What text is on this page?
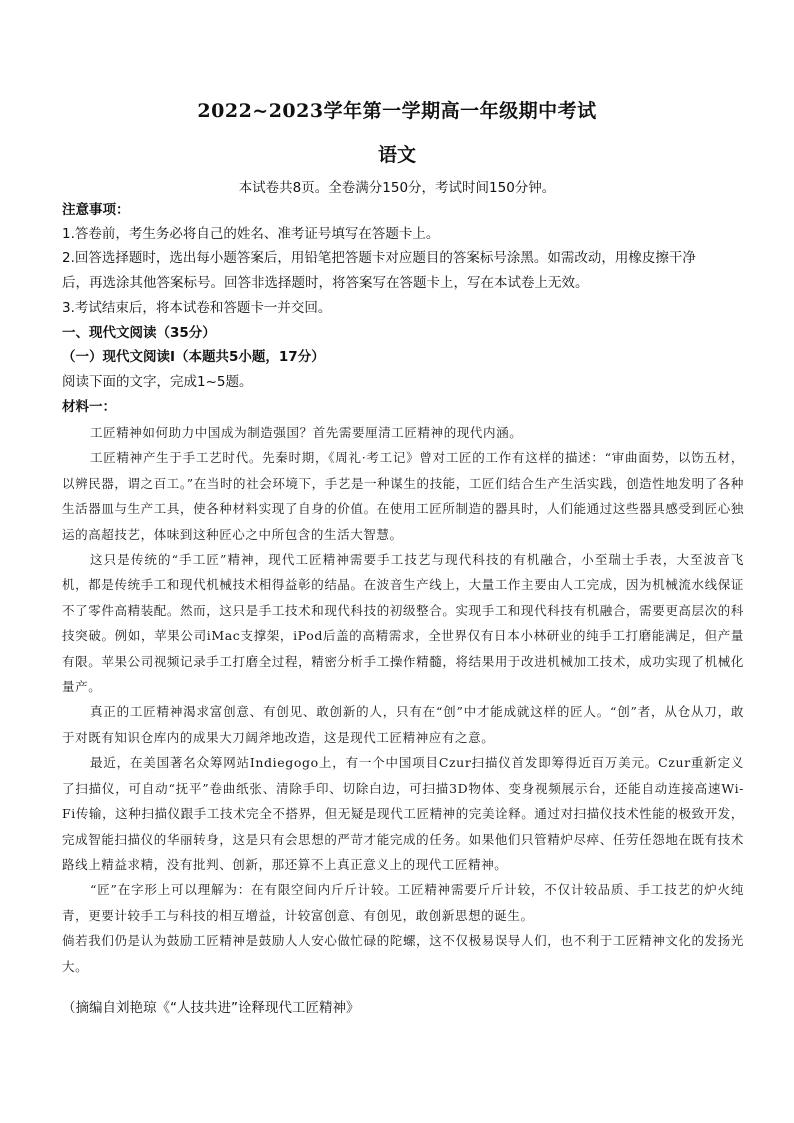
2022~2023学年第一学期高一年级期中考试
语文
本试卷共8页。全卷满分150分，考试时间150分钟。
注意事项：
1.答卷前，考生务必将自己的姓名、准考证号填写在答题卡上。
2.回答选择题时，选出每小题答案后，用铅笔把答题卡对应题目的答案标号涂黑。如需改动，用橡皮擦干净
后，再选涂其他答案标号。回答非选择题时，将答案写在答题卡上，写在本试卷上无效。
3.考试结束后，将本试卷和答题卡一并交回。
一、现代文阅读（35分）
（一）现代文阅读Ⅰ（本题共5小题，17分）
阅读下面的文字，完成1~5题。
材料一：

工匠精神如何助力中国成为制造强国？首先需要厘清工匠精神的现代内涵。

工匠精神产生于手工艺时代。先秦时期，《周礼·考工记》曾对工匠的工作有这样的描述：“审曲面势，以饬五材，以辨民器，谓之百工。”在当时的社会环境下，手艺是一种谋生的技能，工匠们结合生产生活实践，创造性地发明了各种生活器皿与生产工具，使各种材料实现了自身的价值。在使用工匠所制造的器具时，人们能通过这些器具感受到匠心独运的高超技艺，体味到这种匠心之中所包含的生活大智慧。

这只是传统的“手工匠”精神，现代工匠精神需要手工技艺与现代科技的有机融合，小至瑞士手表，大至波音飞机，都是传统手工和现代机械技术相得益彰的结晶。在波音生产线上，大量工作主要由人工完成，因为机械流水线保证不了零件高精装配。然而，这只是手工技术和现代科技的初级整合。实现手工和现代科技有机融合，需要更高层次的科技突破。例如，苹果公司iMac支撑架，iPod后盖的高精需求，全世界仅有日本小林研业的纯手工打磨能满足，但产量有限。苹果公司视频记录手工打磨全过程，精密分析手工操作精髓，将结果用于改进机械加工技术，成功实现了机械化量产。

真正的工匠精神渴求富创意、有创见、敢创新的人，只有在“创”中才能成就这样的匠人。“创”者，从仓从刀，敢于对既有知识仓库内的成果大刀阔斧地改造，这是现代工匠精神应有之意。

最近，在美国著名众筹网站Indiegogo上，有一个中国项目Czur扫描仪首发即筹得近百万美元。Czur重新定义了扫描仪，可自动“抚平”卷曲纸张、清除手印、切除白边，可扫描3D物体、变身视频展示台，还能自动连接高速Wi-Fi传输，这种扫描仪跟手工技术完全不搭界，但无疑是现代工匠精神的完美诠释。通过对扫描仪技术性能的极致开发，完成智能扫描仪的华丽转身，这是只有会思想的严苛才能完成的任务。如果他们只管精炉尽瘁、任劳任怨地在既有技术路线上精益求精，没有批判、创新，那还算不上真正意义上的现代工匠精神。

“匠”在字形上可以理解为：在有限空间内斤斤计较。工匠精神需要斤斤计较，不仅计较品质、手工技艺的炉火纯青，更要计较手工与科技的相互增益，计较富创意、有创见，敢创新思想的诞生。

倘若我们仍是认为鼓励工匠精神是鼓励人人安心做忙碌的陀螺，这不仅极易误导人们，也不利于工匠精神文化的发扬光大。

（摘编自刘艳琼《“人技共进”诠释现代工匠精神》
